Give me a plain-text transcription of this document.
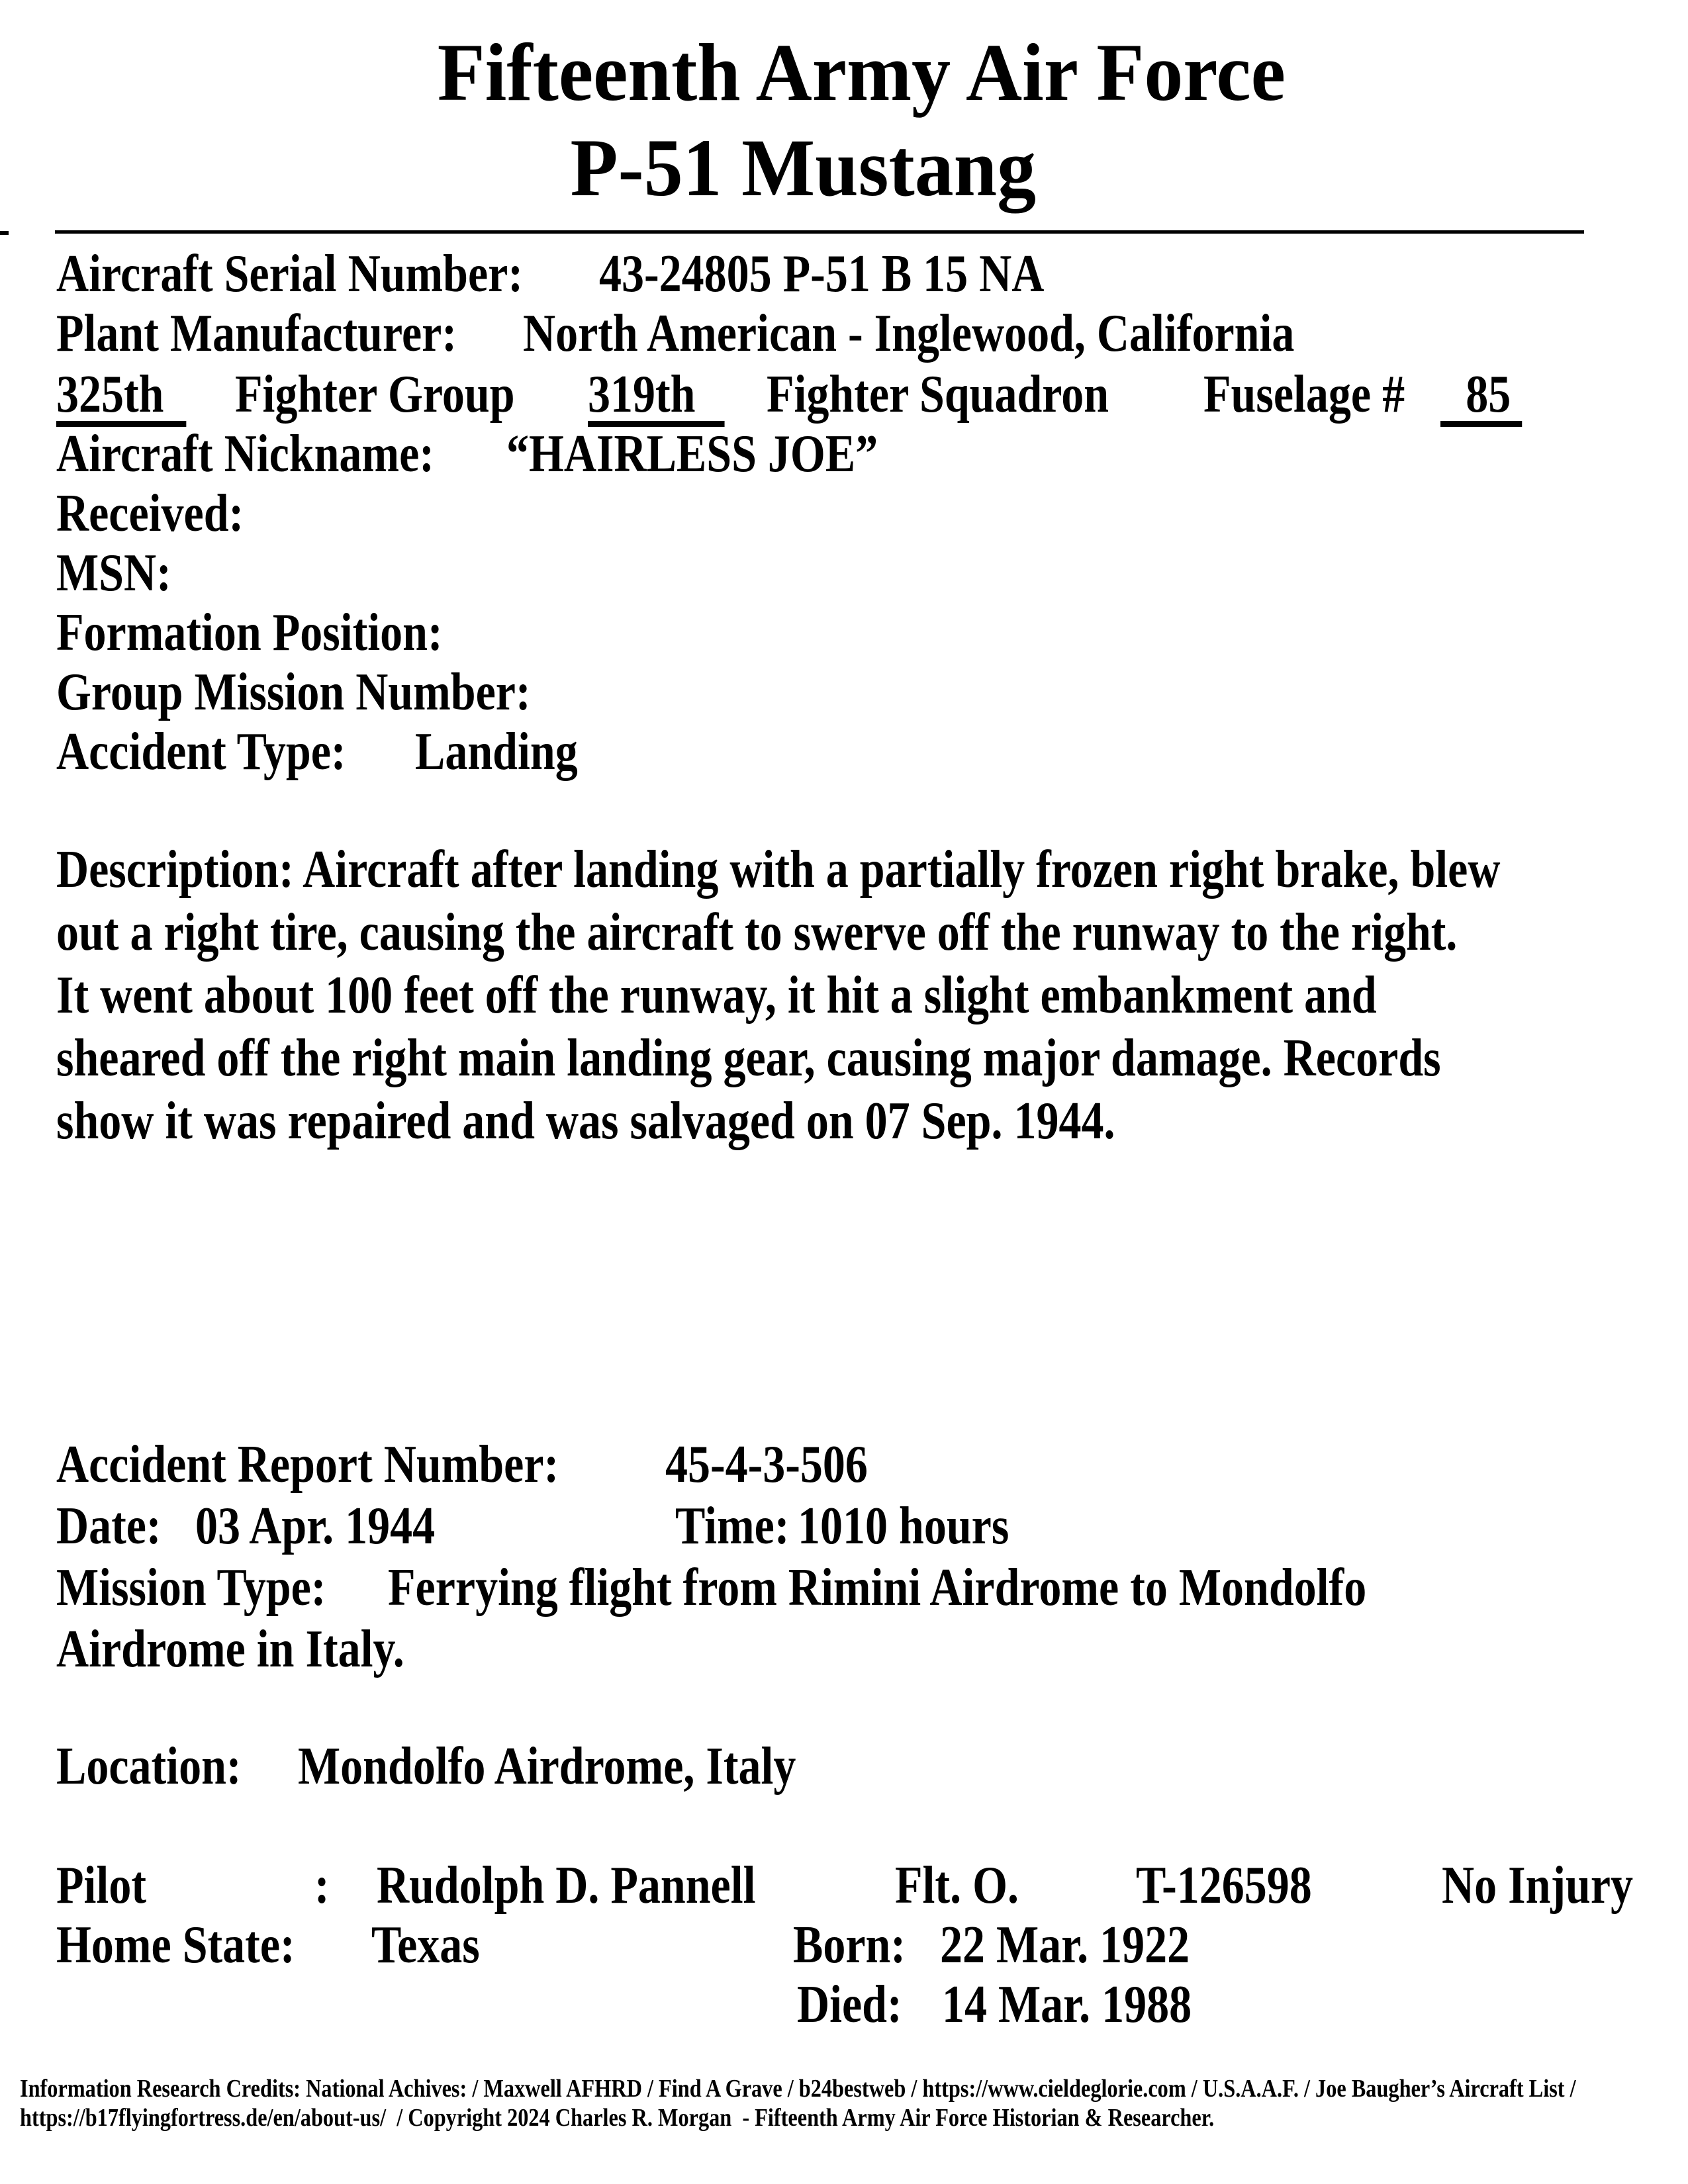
Fifteenth Army Air Force
P-51 Mustang
Aircraft Serial Number:	43-24805 P-51 B 15 NA
Plant Manufacturer:	North American - Inglewood, California
325th	Fighter Group	319th	Fighter Squadron	Fuselage #	85
Aircraft Nickname:	“HAIRLESS JOE”
Received:
MSN:
Formation Position:
Group Mission Number:
Accident Type:	Landing
Description: Aircraft after landing with a partially frozen right brake, blew
out a right tire, causing the aircraft to swerve off the runway to the right.
It went about 100 feet off the runway, it hit a slight embankment and
sheared off the right main landing gear, causing major damage. Records
show it was repaired and was salvaged on 07 Sep. 1944.
Accident Report Number:	45-4-3-506
Date: 03 Apr. 1944	Time: 1010 hours
Mission Type:	Ferrying flight from Rimini Airdrome to Mondolfo
Airdrome in Italy.
Location:	Mondolfo Airdrome, Italy
Pilot	: Rudolph D. Pannell	Flt. O.	T-126598	No Injury
Home State:	Texas	Born: 22 Mar. 1922
Died: 14 Mar. 1988
Information Research Credits: National Achives: / Maxwell AFHRD / Find A Grave / b24bestweb / https://www.cieldeglorie.com / U.S.A.A.F. / Joe Baugher’s Aircraft List /
https://b17flyingfortress.de/en/about-us/  / Copyright 2024 Charles R. Morgan  - Fifteenth Army Air Force Historian & Researcher.
